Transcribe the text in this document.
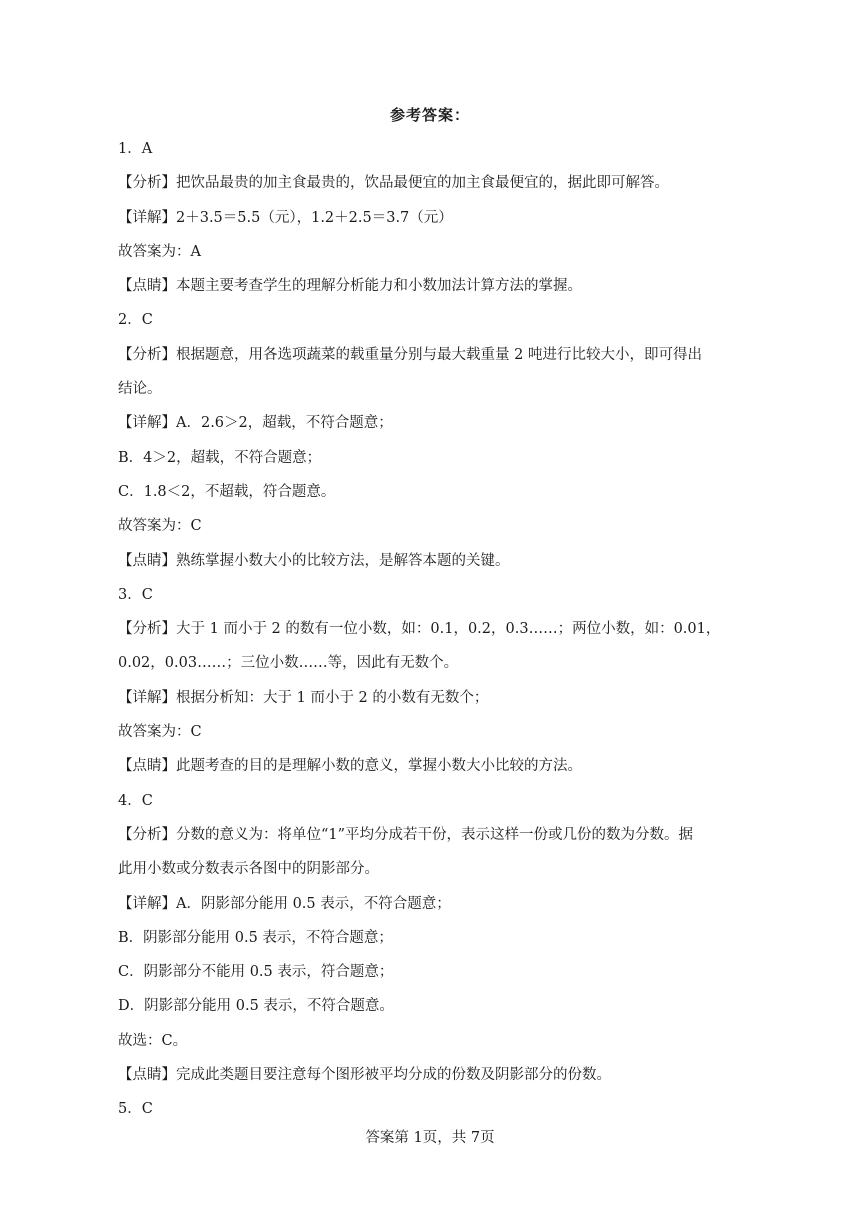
参考答案：
1．A
【分析】把饮品最贵的加主食最贵的，饮品最便宜的加主食最便宜的，据此即可解答。
【详解】2＋3.5＝5.5（元），1.2＋2.5＝3.7（元）
故答案为：A
【点睛】本题主要考查学生的理解分析能力和小数加法计算方法的掌握。
2．C
【分析】根据题意，用各选项蔬菜的载重量分别与最大载重量 2 吨进行比较大小，即可得出
结论。
【详解】A．2.6＞2，超载，不符合题意；
B．4＞2，超载，不符合题意；
C．1.8＜2，不超载，符合题意。
故答案为：C
【点睛】熟练掌握小数大小的比较方法，是解答本题的关键。
3．C
【分析】大于 1 而小于 2 的数有一位小数，如：0.1，0.2，0.3……；两位小数，如：0.01，
0.02，0.03……；三位小数……等，因此有无数个。
【详解】根据分析知：大于 1 而小于 2 的小数有无数个；
故答案为：C
【点睛】此题考查的目的是理解小数的意义，掌握小数大小比较的方法。
4．C
【分析】分数的意义为：将单位“1”平均分成若干份，表示这样一份或几份的数为分数。据
此用小数或分数表示各图中的阴影部分。
【详解】A．阴影部分能用 0.5 表示，不符合题意；
B．阴影部分能用 0.5 表示，不符合题意；
C．阴影部分不能用 0.5 表示，符合题意；
D．阴影部分能用 0.5 表示，不符合题意。
故选：C。
【点睛】完成此类题目要注意每个图形被平均分成的份数及阴影部分的份数。
5．C
答案第 1页，共 7页
